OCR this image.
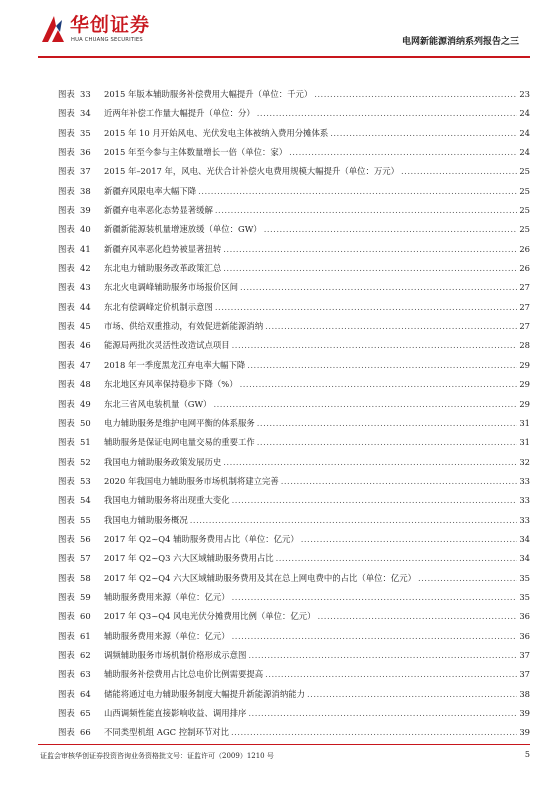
华创证券
HUA CHUANG SECURITIES	电网新能源消纳系列报告之三
图表 33	2015 年版本辅助服务补偿费用大幅提升（单位：千元） .....	23
图表 34	近两年补偿工作量大幅提升（单位：分） .....	24
图表 35	2015 年 10 月开始风电、光伏发电主体被纳入费用分摊体系 .....	24
图表 36	2015 年至今参与主体数量增长一倍（单位：家） .....	24
图表 37	2015 年–2017 年，风电、光伏合计补偿火电费用规模大幅提升（单位：万元） .....	25
图表 38	新疆弃风限电率大幅下降 .....	25
图表 39	新疆弃电率恶化态势显著缓解 .....	25
图表 40	新疆新能源装机量增速放缓（单位：GW） .....	25
图表 41	新疆弃风率恶化趋势被显著扭转 .....	26
图表 42	东北电力辅助服务改革政策汇总 .....	26
图表 43	东北火电调峰辅助服务市场报价区间 .....	27
图表 44	东北有偿调峰定价机制示意图 .....	27
图表 45	市场、供给双重推动，有效促进新能源消纳 .....	27
图表 46	能源局两批次灵活性改造试点项目 .....	28
图表 47	2018 年一季度黑龙江弃电率大幅下降 .....	29
图表 48	东北地区弃风率保持稳步下降（%） .....	29
图表 49	东北三省风电装机量（GW） .....	29
图表 50	电力辅助服务是维护电网平衡的体系服务 .....	31
图表 51	辅助服务是保证电网电量交易的重要工作 .....	31
图表 52	我国电力辅助服务政策发展历史 .....	32
图表 53	2020 年我国电力辅助服务市场机制将建立完善 .....	33
图表 54	我国电力辅助服务将出现重大变化 .....	33
图表 55	我国电力辅助服务概况 .....	33
图表 56	2017 年 Q2~Q4 辅助服务费用占比（单位：亿元） .....	34
图表 57	2017 年 Q2~Q3 六大区域辅助服务费用占比 .....	34
图表 58	2017 年 Q2~Q4 六大区域辅助服务费用及其在总上网电费中的占比（单位：亿元） .....	35
图表 59	辅助服务费用来源（单位：亿元） .....	35
图表 60	2017 年 Q3~Q4 风电光伏分摊费用比例（单位：亿元） .....	36
图表 61	辅助服务费用来源（单位：亿元） .....	36
图表 62	调频辅助服务市场机制价格形成示意图 .....	37
图表 63	辅助服务补偿费用占比总电价比例需要提高 .....	37
图表 64	储能将通过电力辅助服务制度大幅提升新能源消纳能力 .....	38
图表 65	山西调频性能直接影响收益、调用排序 .....	39
图表 66	不同类型机组 AGC 控制环节对比 .....	39
证监会审核华创证券投资咨询业务资格批文号：证监许可（2009）1210 号	5
